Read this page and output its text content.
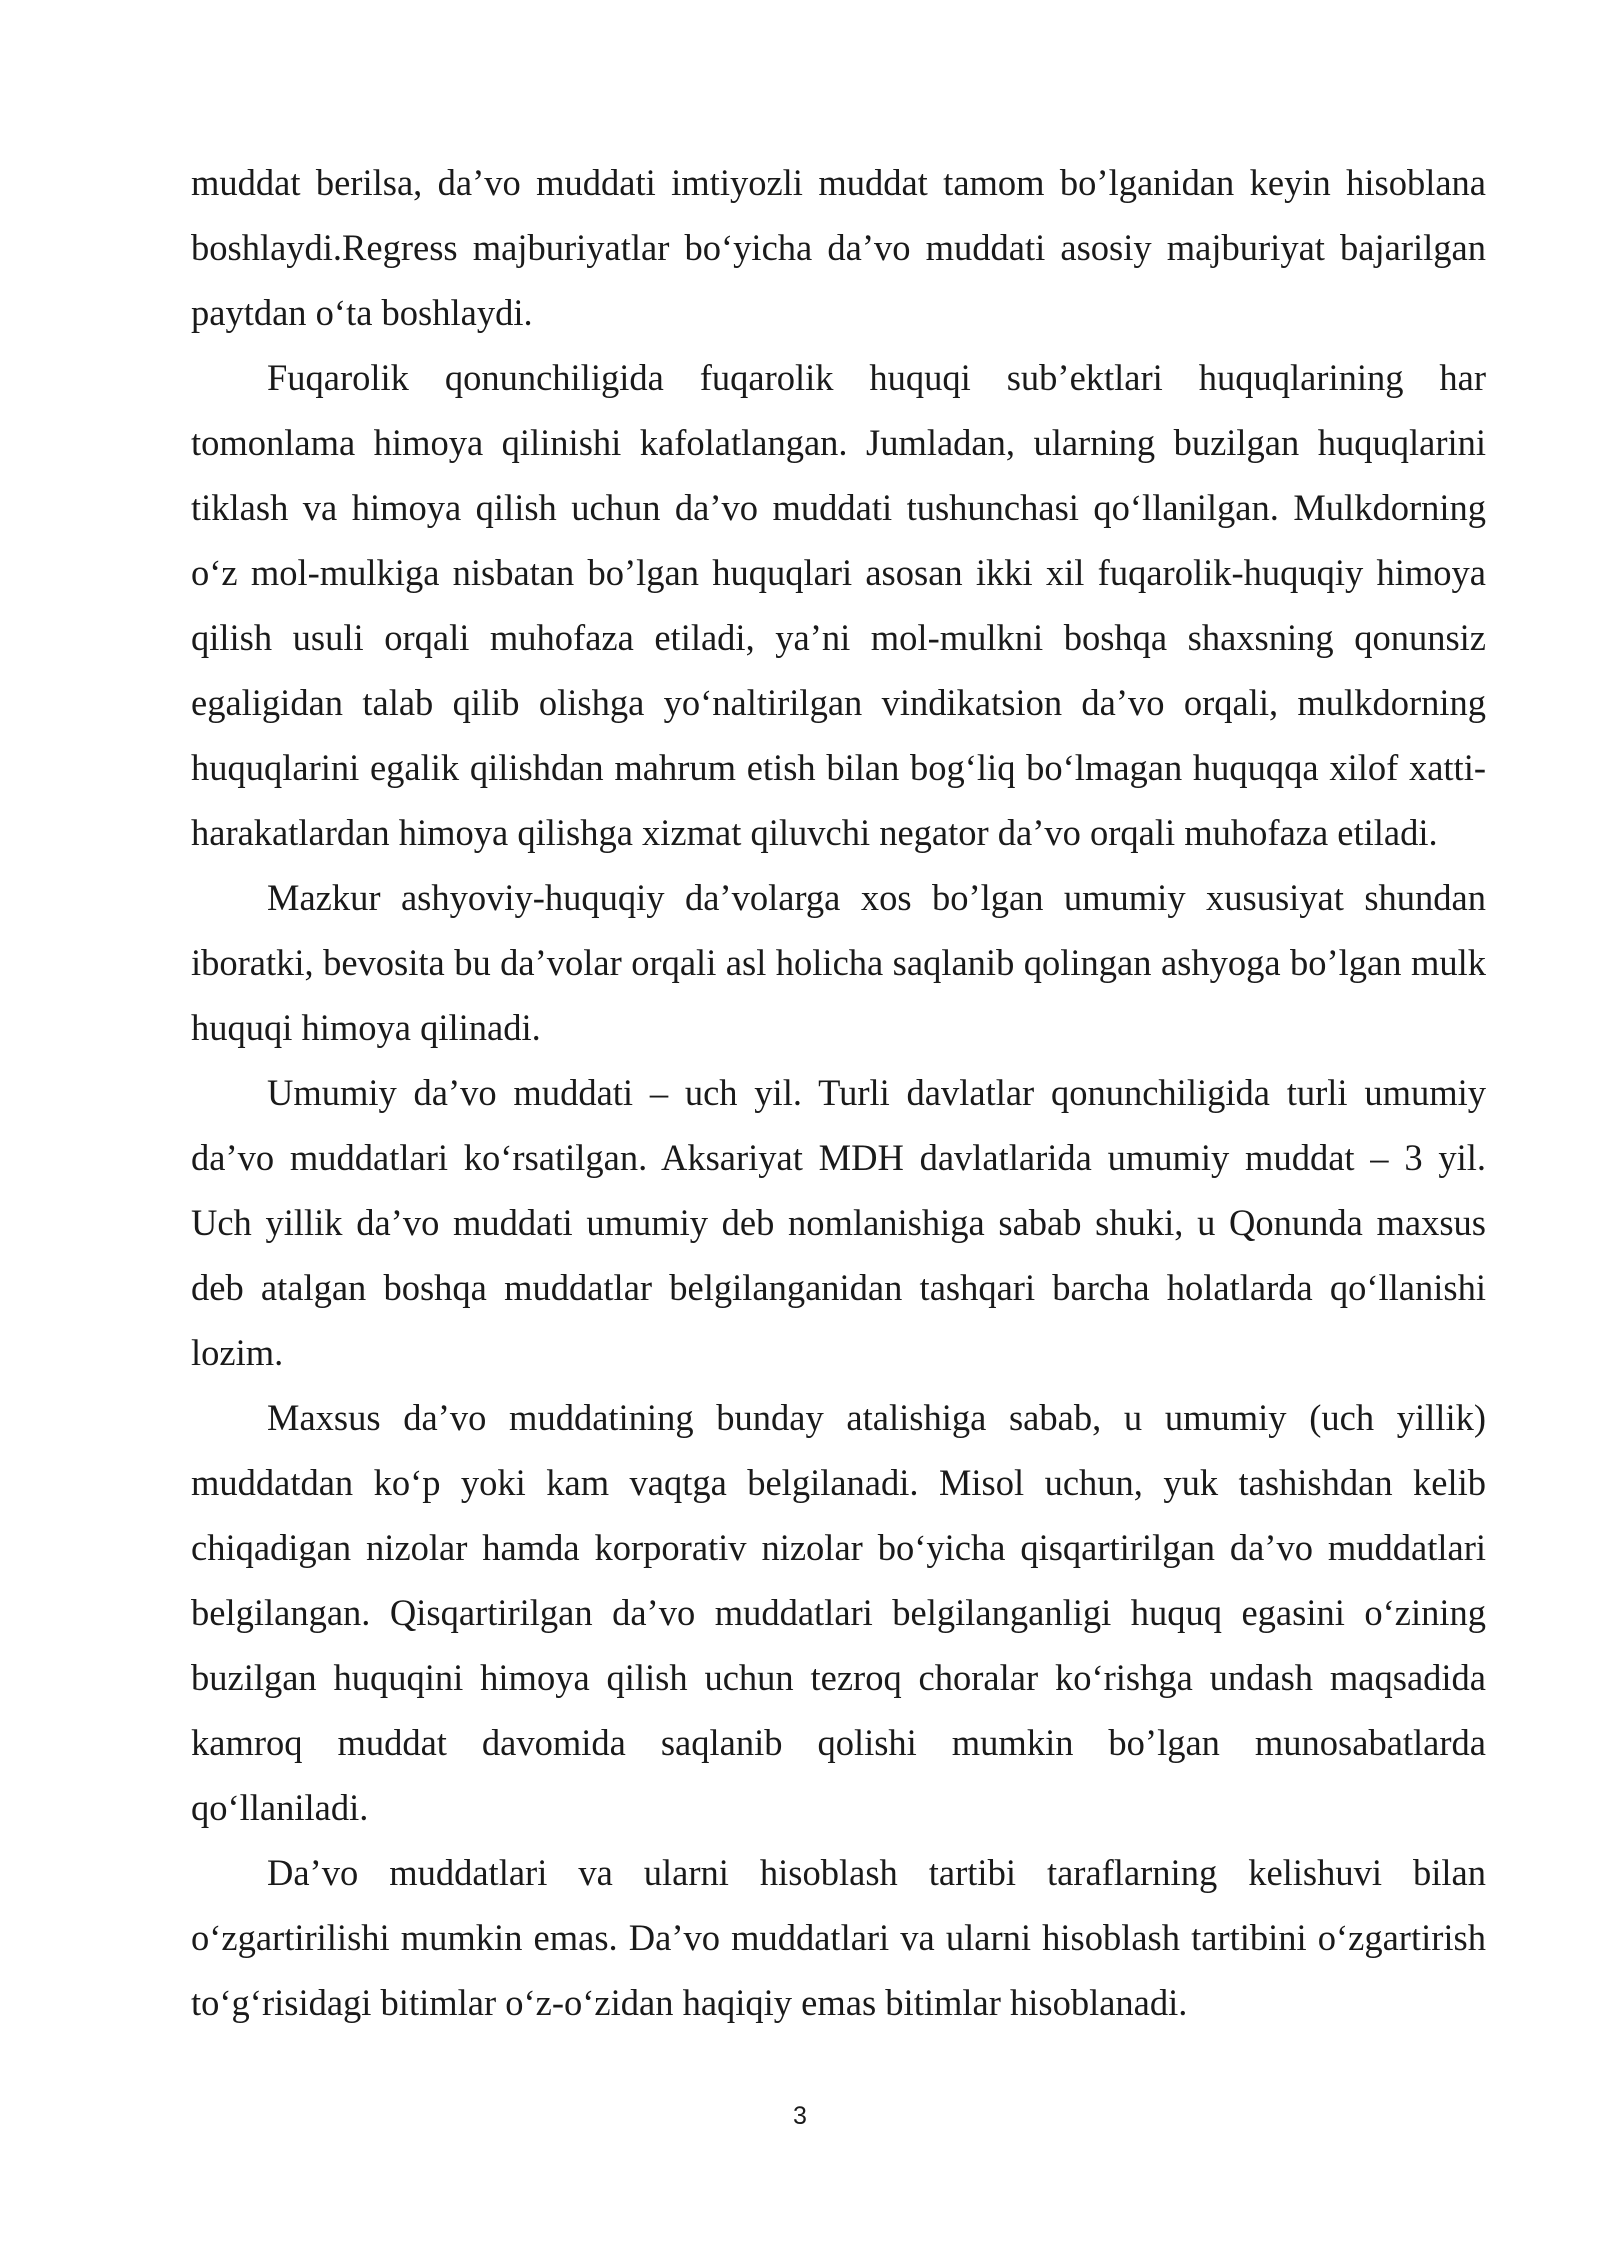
muddat berilsa, da’vo muddati imtiyozli muddat tamom bo’lganidan keyin hisoblana boshlaydi.Regress majburiyatlar bo‘yicha da’vo muddati asosiy majburiyat bajarilgan paytdan o‘ta boshlaydi.

Fuqarolik qonunchiligida fuqarolik huquqi sub’ektlari huquqlarining har tomonlama himoya qilinishi kafolatlangan. Jumladan, ularning buzilgan huquqlarini tiklash va himoya qilish uchun da’vo muddati tushunchasi qo‘llanilgan. Mulkdorning o‘z mol-mulkiga nisbatan bo’lgan huquqlari asosan ikki xil fuqarolik-huquqiy himoya qilish usuli orqali muhofaza etiladi, ya’ni mol-mulkni boshqa shaxsning qonunsiz egaligidan talab qilib olishga yo‘naltirilgan vindikatsion da’vo orqali, mulkdorning huquqlarini egalik qilishdan mahrum etish bilan bog‘liq bo‘lmagan huquqqa xilof xatti-harakatlardan himoya qilishga xizmat qiluvchi negator da’vo orqali muhofaza etiladi.

Mazkur ashyoviy-huquqiy da’volarga xos bo’lgan umumiy xususiyat shundan iboratki, bevosita bu da’volar orqali asl holicha saqlanib qolingan ashyoga bo’lgan mulk huquqi himoya qilinadi.

Umumiy da’vo muddati – uch yil. Turli davlatlar qonunchiligida turli umumiy da’vo muddatlari ko‘rsatilgan. Aksariyat MDH davlatlarida umumiy muddat – 3 yil. Uch yillik da’vo muddati umumiy deb nomlanishiga sabab shuki, u Qonunda maxsus deb atalgan boshqa muddatlar belgilanganidan tashqari barcha holatlarda qo‘llanishi lozim.

Maxsus da’vo muddatining bunday atalishiga sabab, u umumiy (uch yillik) muddatdan ko‘p yoki kam vaqtga belgilanadi. Misol uchun, yuk tashishdan kelib chiqadigan nizolar hamda korporativ nizolar bo‘yicha qisqartirilgan da’vo muddatlari belgilangan. Qisqartirilgan da’vo muddatlari belgilanganligi huquq egasini o‘zining buzilgan huquqini himoya qilish uchun tezroq choralar ko‘rishga undash maqsadida kamroq muddat davomida saqlanib qolishi mumkin bo’lgan munosabatlarda qo‘llaniladi.

Da’vo muddatlari va ularni hisoblash tartibi taraflarning kelishuvi bilan o‘zgartirilishi mumkin emas. Da’vo muddatlari va ularni hisoblash tartibini o‘zgartirish to‘g‘risidagi bitimlar o‘z-o‘zidan haqiqiy emas bitimlar hisoblanadi.

3
